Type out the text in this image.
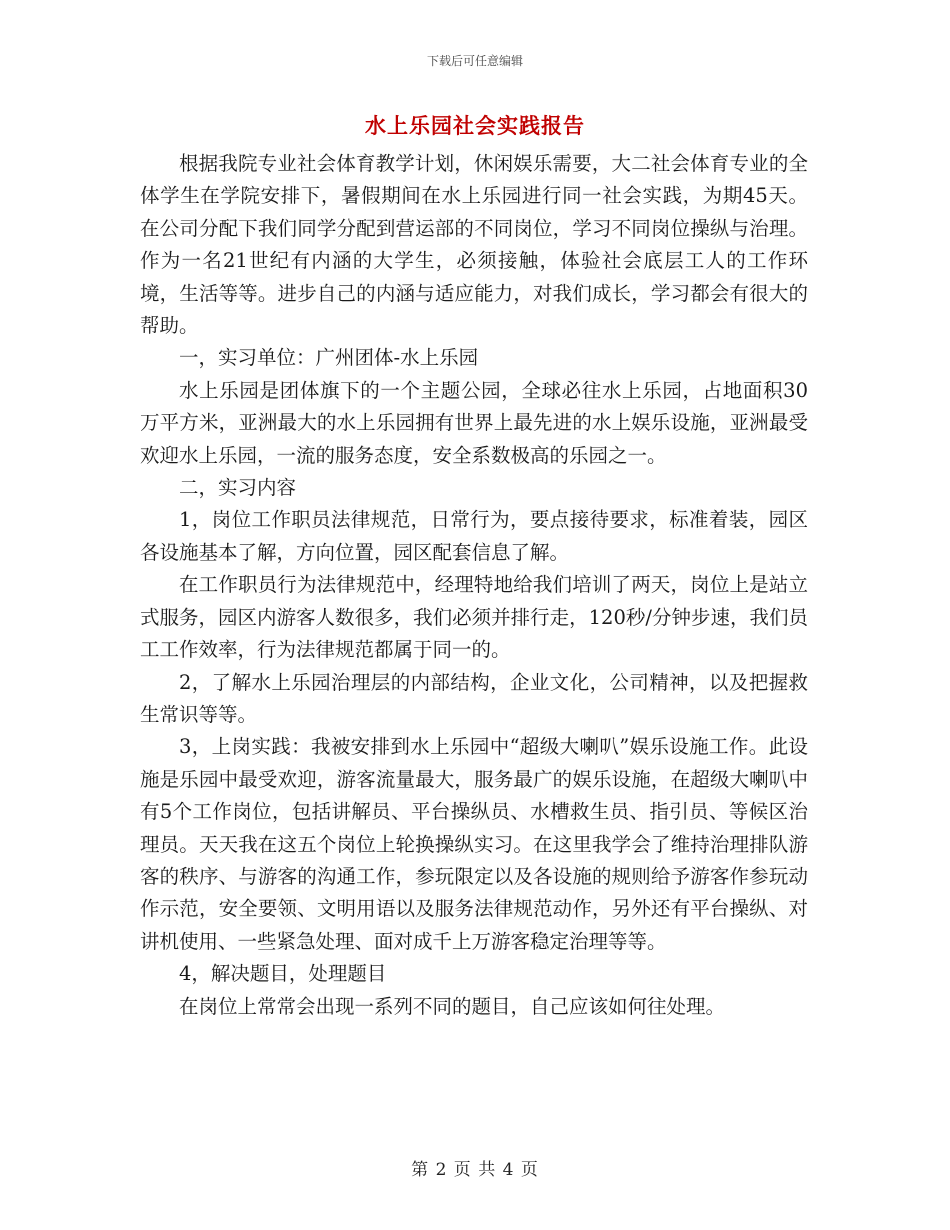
下载后可任意编辑
水上乐园社会实践报告

根据我院专业社会体育教学计划，休闲娱乐需要，大二社会体育专业的全体学生在学院安排下，暑假期间在水上乐园进行同一社会实践，为期45天。在公司分配下我们同学分配到营运部的不同岗位，学习不同岗位操纵与治理。作为一名21世纪有内涵的大学生，必须接触，体验社会底层工人的工作环境，生活等等。进步自己的内涵与适应能力，对我们成长，学习都会有很大的帮助。

一，实习单位：广州团体-水上乐园

水上乐园是团体旗下的一个主题公园，全球必往水上乐园，占地面积30万平方米，亚洲最大的水上乐园拥有世界上最先进的水上娱乐设施，亚洲最受欢迎水上乐园，一流的服务态度，安全系数极高的乐园之一。

二，实习内容

1，岗位工作职员法律规范，日常行为，要点接待要求，标准着装，园区各设施基本了解，方向位置，园区配套信息了解。

在工作职员行为法律规范中，经理特地给我们培训了两天，岗位上是站立式服务，园区内游客人数很多，我们必须并排行走，120秒/分钟步速，我们员工工作效率，行为法律规范都属于同一的。

2，了解水上乐园治理层的内部结构，企业文化，公司精神，以及把握救生常识等等。

3，上岗实践：我被安排到水上乐园中“超级大喇叭”娱乐设施工作。此设施是乐园中最受欢迎，游客流量最大，服务最广的娱乐设施，在超级大喇叭中有5个工作岗位，包括讲解员、平台操纵员、水槽救生员、指引员、等候区治理员。天天我在这五个岗位上轮换操纵实习。在这里我学会了维持治理排队游客的秩序、与游客的沟通工作，参玩限定以及各设施的规则给予游客作参玩动作示范，安全要领、文明用语以及服务法律规范动作，另外还有平台操纵、对讲机使用、一些紧急处理、面对成千上万游客稳定治理等等。

4，解决题目，处理题目

在岗位上常常会出现一系列不同的题目，自己应该如何往处理。

第 2 页 共 4 页
